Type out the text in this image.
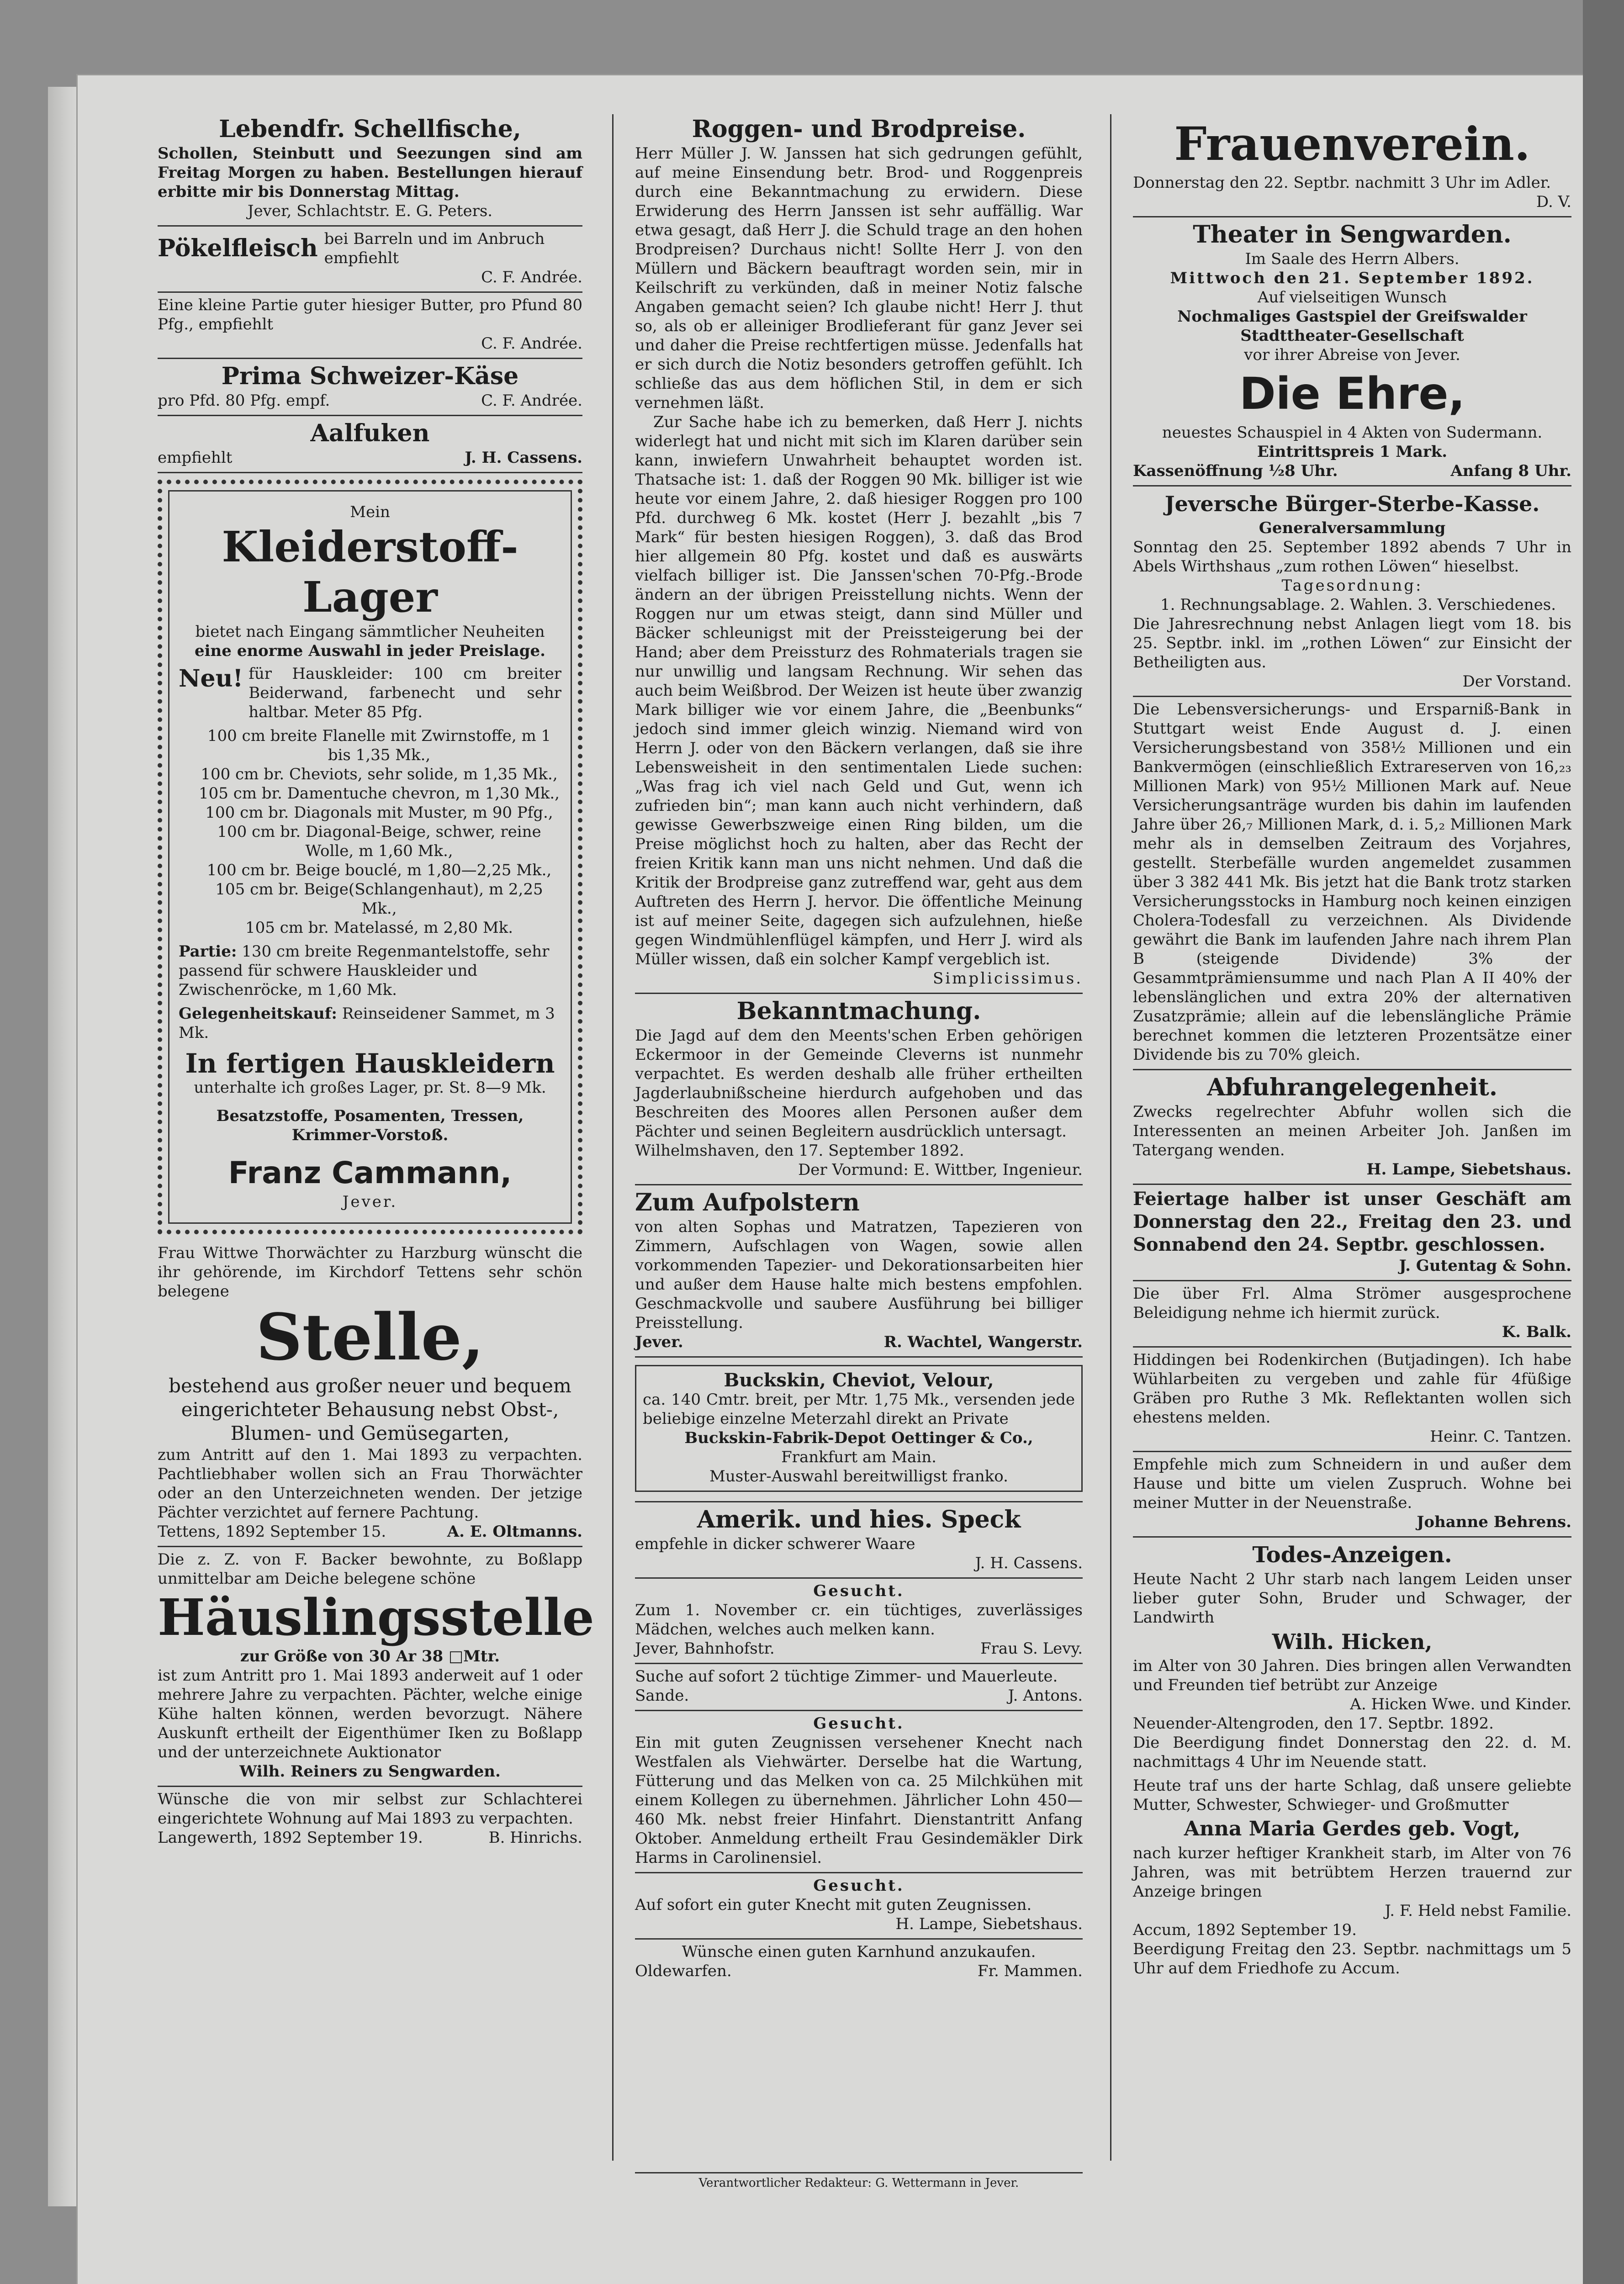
Lebendfr. Schellfische,
Schollen, Steinbutt und Seezungen sind am Freitag Morgen zu haben. Bestellungen hierauf erbitte mir bis Donnerstag Mittag.
Jever, Schlachtstr. E. G. Peters.
Pökelfleisch bei Barreln und im Anbruch empfiehlt
C. F. Andrée.
Eine kleine Partie guter hiesiger Butter, pro Pfund 80 Pfg., empfiehlt
C. F. Andrée.
Prima Schweizer-Käse
pro Pfd. 80 Pfg. empf.	C. F. Andrée.
Aalfuken
empfiehlt	J. H. Cassens.
Mein
Kleiderstoff-Lager
bietet nach Eingang sämmtlicher Neuheiten
eine enorme Auswahl in jeder Preislage.
Neu! für Hauskleider: 100 cm breiter Beiderwand, farbenecht und sehr haltbar. Meter 85 Pfg.
100 cm breite Flanelle mit Zwirnstoffe, m 1 bis 1,35 Mk.,
100 cm br. Cheviots, sehr solide, m 1,35 Mk.,
105 cm br. Damentuche chevron, m 1,30 Mk.,
100 cm br. Diagonals mit Muster, m 90 Pfg.,
100 cm br. Diagonal-Beige, schwer, reine Wolle, m 1,60 Mk.,
100 cm br. Beige bouclé, m 1,80—2,25 Mk.,
105 cm br. Beige(Schlangenhaut), m 2,25 Mk.,
105 cm br. Matelassé, m 2,80 Mk.
Partie: 130 cm breite Regenmantelstoffe, sehr passend für schwere Hauskleider und Zwischenröcke, m 1,60 Mk.
Gelegenheitskauf: Reinseidener Sammet, m 3 Mk.
In fertigen Hauskleidern
unterhalte ich großes Lager, pr. St. 8—9 Mk.
Besatzstoffe, Posamenten, Tressen, Krimmer-Vorstoß.
Franz Cammann,
Jever.
Frau Wittwe Thorwächter zu Harzburg wünscht die ihr gehörende, im Kirchdorf Tettens sehr schön belegene
Stelle,
bestehend aus großer neuer und bequem eingerichteter Behausung nebst Obst-, Blumen- und Gemüsegarten,
zum Antritt auf den 1. Mai 1893 zu verpachten. Pachtliebhaber wollen sich an Frau Thorwächter oder an den Unterzeichneten wenden. Der jetzige Pächter verzichtet auf fernere Pachtung.
Tettens, 1892 September 15.	A. E. Oltmanns.
Die z. Z. von F. Backer bewohnte, zu Boßlapp unmittelbar am Deiche belegene schöne
Häuslingsstelle
zur Größe von 30 Ar 38 □Mtr.
ist zum Antritt pro 1. Mai 1893 anderweit auf 1 oder mehrere Jahre zu verpachten. Pächter, welche einige Kühe halten können, werden bevorzugt. Nähere Auskunft ertheilt der Eigenthümer Iken zu Boßlapp und der unterzeichnete Auktionator
Wilh. Reiners zu Sengwarden.
Wünsche die von mir selbst zur Schlachterei eingerichtete Wohnung auf Mai 1893 zu verpachten.
Langewerth, 1892 September 19.	B. Hinrichs.
Roggen- und Brodpreise.
Herr Müller J. W. Janssen hat sich gedrungen gefühlt, auf meine Einsendung betr. Brod- und Roggenpreis durch eine Bekanntmachung zu erwidern. Diese Erwiderung des Herrn Janssen ist sehr auffällig. War etwa gesagt, daß Herr J. die Schuld trage an den hohen Brodpreisen? Durchaus nicht! Sollte Herr J. von den Müllern und Bäckern beauftragt worden sein, mir in Keilschrift zu verkünden, daß in meiner Notiz falsche Angaben gemacht seien? Ich glaube nicht! Herr J. thut so, als ob er alleiniger Brodlieferant für ganz Jever sei und daher die Preise rechtfertigen müsse. Jedenfalls hat er sich durch die Notiz besonders getroffen gefühlt. Ich schließe das aus dem höflichen Stil, in dem er sich vernehmen läßt.
Zur Sache habe ich zu bemerken, daß Herr J. nichts widerlegt hat und nicht mit sich im Klaren darüber sein kann, inwiefern Unwahrheit behauptet worden ist. Thatsache ist: 1. daß der Roggen 90 Mk. billiger ist wie heute vor einem Jahre, 2. daß hiesiger Roggen pro 100 Pfd. durchweg 6 Mk. kostet (Herr J. bezahlt „bis 7 Mark“ für besten hiesigen Roggen), 3. daß das Brod hier allgemein 80 Pfg. kostet und daß es auswärts vielfach billiger ist. Die Janssen'schen 70-Pfg.-Brode ändern an der übrigen Preisstellung nichts. Wenn der Roggen nur um etwas steigt, dann sind Müller und Bäcker schleunigst mit der Preissteigerung bei der Hand; aber dem Preissturz des Rohmaterials tragen sie nur unwillig und langsam Rechnung. Wir sehen das auch beim Weißbrod. Der Weizen ist heute über zwanzig Mark billiger wie vor einem Jahre, die „Beenbunks“ jedoch sind immer gleich winzig. Niemand wird von Herrn J. oder von den Bäckern verlangen, daß sie ihre Lebensweisheit in den sentimentalen Liede suchen: „Was frag ich viel nach Geld und Gut, wenn ich zufrieden bin“; man kann auch nicht verhindern, daß gewisse Gewerbszweige einen Ring bilden, um die Preise möglichst hoch zu halten, aber das Recht der freien Kritik kann man uns nicht nehmen. Und daß die Kritik der Brodpreise ganz zutreffend war, geht aus dem Auftreten des Herrn J. hervor. Die öffentliche Meinung ist auf meiner Seite, dagegen sich aufzulehnen, hieße gegen Windmühlenflügel kämpfen, und Herr J. wird als Müller wissen, daß ein solcher Kampf vergeblich ist.
Simplicissimus.
Bekanntmachung.
Die Jagd auf dem den Meents'schen Erben gehörigen Eckermoor in der Gemeinde Cleverns ist nunmehr verpachtet. Es werden deshalb alle früher ertheilten Jagderlaubnißscheine hierdurch aufgehoben und das Beschreiten des Moores allen Personen außer dem Pächter und seinen Begleitern ausdrücklich untersagt.
Wilhelmshaven, den 17. September 1892.
Der Vormund: E. Wittber, Ingenieur.
Zum Aufpolstern
von alten Sophas und Matratzen, Tapezieren von Zimmern, Aufschlagen von Wagen, sowie allen vorkommenden Tapezier- und Dekorationsarbeiten hier und außer dem Hause halte mich bestens empfohlen. Geschmackvolle und saubere Ausführung bei billiger Preisstellung.
Jever.	R. Wachtel, Wangerstr.
Buckskin, Cheviot, Velour,
ca. 140 Cmtr. breit, per Mtr. 1,75 Mk., versenden jede beliebige einzelne Meterzahl direkt an Private
Buckskin-Fabrik-Depot Oettinger & Co.,
Frankfurt am Main.
Muster-Auswahl bereitwilligst franko.
Amerik. und hies. Speck
empfehle in dicker schwerer Waare
J. H. Cassens.
Gesucht.
Zum 1. November cr. ein tüchtiges, zuverlässiges Mädchen, welches auch melken kann.
Jever, Bahnhofstr.	Frau S. Levy.
Suche auf sofort 2 tüchtige Zimmer- und Mauerleute.
Sande.	J. Antons.
Gesucht.
Ein mit guten Zeugnissen versehener Knecht nach Westfalen als Viehwärter. Derselbe hat die Wartung, Fütterung und das Melken von ca. 25 Milchkühen mit einem Kollegen zu übernehmen. Jährlicher Lohn 450—460 Mk. nebst freier Hinfahrt. Dienstantritt Anfang Oktober. Anmeldung ertheilt Frau Gesindemäkler Dirk Harms in Carolinensiel.
Gesucht.
Auf sofort ein guter Knecht mit guten Zeugnissen.
H. Lampe, Siebetshaus.
Wünsche einen guten Karnhund anzukaufen.
Oldewarfen.	Fr. Mammen.
Frauenverein.
Donnerstag den 22. Septbr. nachmitt 3 Uhr im Adler.
D. V.
Theater in Sengwarden.
Im Saale des Herrn Albers.
Mittwoch den 21. September 1892.
Auf vielseitigen Wunsch
Nochmaliges Gastspiel der Greifswalder Stadttheater-Gesellschaft
vor ihrer Abreise von Jever.
Die Ehre,
neuestes Schauspiel in 4 Akten von Sudermann.
Eintrittspreis 1 Mark.
Kassenöffnung ½8 Uhr.	Anfang 8 Uhr.
Jeversche Bürger-Sterbe-Kasse.
Generalversammlung
Sonntag den 25. September 1892 abends 7 Uhr in Abels Wirthshaus „zum rothen Löwen“ hieselbst.
Tagesordnung:
1. Rechnungsablage. 2. Wahlen. 3. Verschiedenes.
Die Jahresrechnung nebst Anlagen liegt vom 18. bis 25. Septbr. inkl. im „rothen Löwen“ zur Einsicht der Betheiligten aus.
Der Vorstand.
Die Lebensversicherungs- und Ersparniß-Bank in Stuttgart weist Ende August d. J. einen Versicherungsbestand von 358½ Millionen und ein Bankvermögen (einschließlich Extrareserven von 16,₂₃ Millionen Mark) von 95½ Millionen Mark auf. Neue Versicherungsanträge wurden bis dahin im laufenden Jahre über 26,₇ Millionen Mark, d. i. 5,₂ Millionen Mark mehr als in demselben Zeitraum des Vorjahres, gestellt. Sterbefälle wurden angemeldet zusammen über 3 382 441 Mk. Bis jetzt hat die Bank trotz starken Versicherungsstocks in Hamburg noch keinen einzigen Cholera-Todesfall zu verzeichnen. Als Dividende gewährt die Bank im laufenden Jahre nach ihrem Plan B (steigende Dividende) 3% der Gesammtprämiensumme und nach Plan A II 40% der lebenslänglichen und extra 20% der alternativen Zusatzprämie; allein auf die lebenslängliche Prämie berechnet kommen die letzteren Prozentsätze einer Dividende bis zu 70% gleich.
Abfuhrangelegenheit.
Zwecks regelrechter Abfuhr wollen sich die Interessenten an meinen Arbeiter Joh. Janßen im Tatergang wenden.
H. Lampe, Siebetshaus.
Feiertage halber ist unser Geschäft am Donnerstag den 22., Freitag den 23. und Sonnabend den 24. Septbr. geschlossen.
J. Gutentag & Sohn.
Die über Frl. Alma Strömer ausgesprochene Beleidigung nehme ich hiermit zurück.
K. Balk.
Hiddingen bei Rodenkirchen (Butjadingen). Ich habe Wühlarbeiten zu vergeben und zahle für 4füßige Gräben pro Ruthe 3 Mk. Reflektanten wollen sich ehestens melden.
Heinr. C. Tantzen.
Empfehle mich zum Schneidern in und außer dem Hause und bitte um vielen Zuspruch. Wohne bei meiner Mutter in der Neuenstraße.
Johanne Behrens.
Todes-Anzeigen.
Heute Nacht 2 Uhr starb nach langem Leiden unser lieber guter Sohn, Bruder und Schwager, der Landwirth
Wilh. Hicken,
im Alter von 30 Jahren. Dies bringen allen Verwandten und Freunden tief betrübt zur Anzeige
A. Hicken Wwe. und Kinder.
Neuender-Altengroden, den 17. Septbr. 1892.
Die Beerdigung findet Donnerstag den 22. d. M. nachmittags 4 Uhr im Neuende statt.
Heute traf uns der harte Schlag, daß unsere geliebte Mutter, Schwester, Schwieger- und Großmutter
Anna Maria Gerdes geb. Vogt,
nach kurzer heftiger Krankheit starb, im Alter von 76 Jahren, was mit betrübtem Herzen trauernd zur Anzeige bringen
J. F. Held nebst Familie.
Accum, 1892 September 19.
Beerdigung Freitag den 23. Septbr. nachmittags um 5 Uhr auf dem Friedhofe zu Accum.
Verantwortlicher Redakteur: G. Wettermann in Jever.
